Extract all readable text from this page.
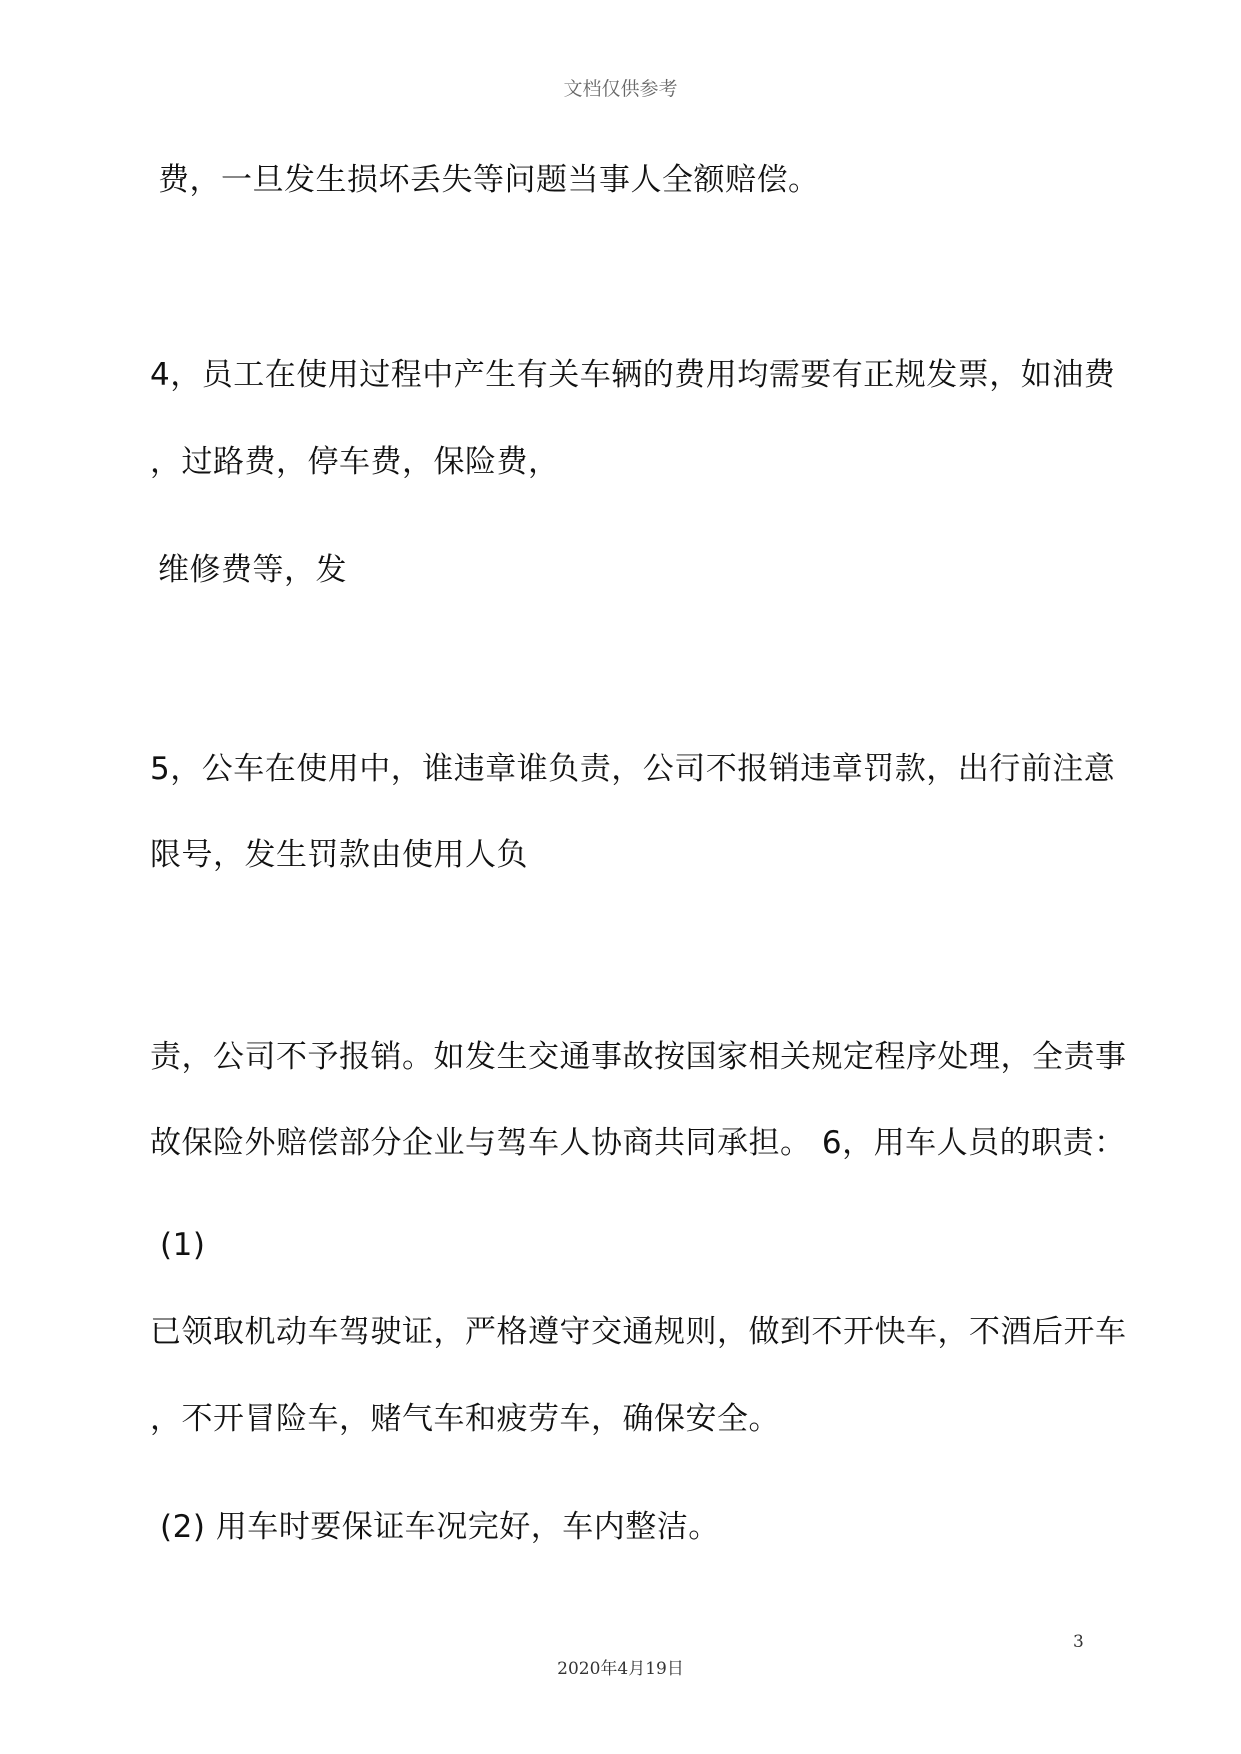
文档仅供参考
费，一旦发生损坏丢失等问题当事人全额赔偿。
4，员工在使用过程中产生有关车辆的费用均需要有正规发票，如油费
，过路费，停车费，保险费，
维修费等，发
5，公车在使用中，谁违章谁负责，公司不报销违章罚款，出行前注意
限号，发生罚款由使用人负
责，公司不予报销。如发生交通事故按国家相关规定程序处理，全责事
故保险外赔偿部分企业与驾车人协商共同承担。 6，用车人员的职责：
(1)
已领取机动车驾驶证，严格遵守交通规则，做到不开快车，不酒后开车
，不开冒险车，赌气车和疲劳车，确保安全。
(2) 用车时要保证车况完好，车内整洁。
3
2020年4月19日
